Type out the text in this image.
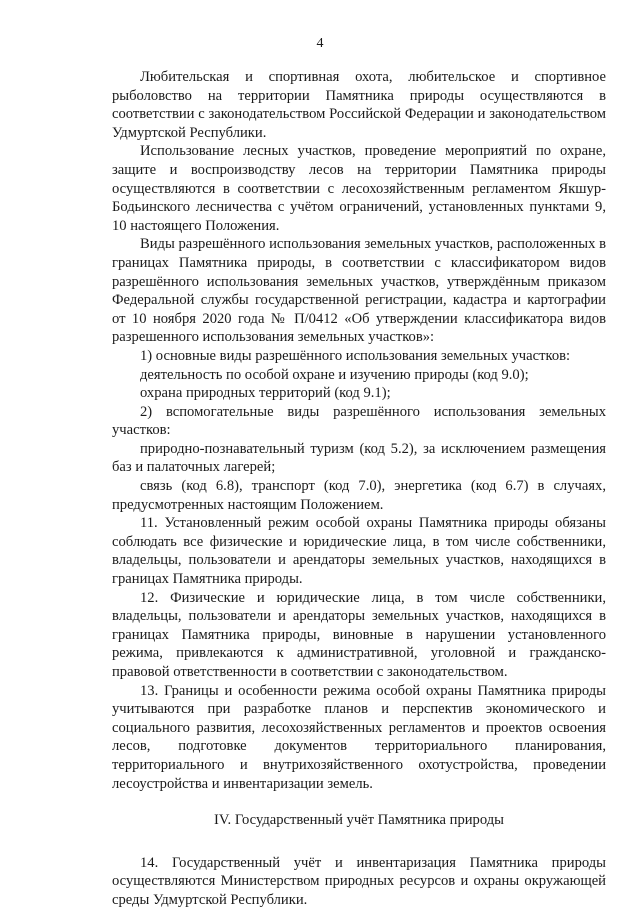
4

Любительская и спортивная охота, любительское и спортивное рыболовство на территории Памятника природы осуществляются в соответствии с законодательством Российской Федерации и законодательством Удмуртской Республики.

Использование лесных участков, проведение мероприятий по охране, защите и воспроизводству лесов на территории Памятника природы осуществляются в соответствии с лесохозяйственным регламентом Якшур-Бодьинского лесничества с учётом ограничений, установленных пунктами 9, 10 настоящего Положения.

Виды разрешённого использования земельных участков, расположенных в границах Памятника природы, в соответствии с классификатором видов разрешённого использования земельных участков, утверждённым приказом Федеральной службы государственной регистрации, кадастра и картографии от 10 ноября 2020 года № П/0412 «Об утверждении классификатора видов разрешенного использования земельных участков»:

1) основные виды разрешённого использования земельных участков:

деятельность по особой охране и изучению природы (код 9.0);

охрана природных территорий (код 9.1);

2) вспомогательные виды разрешённого использования земельных участков:

природно-познавательный туризм (код 5.2), за исключением размещения баз и палаточных лагерей;

связь (код 6.8), транспорт (код 7.0), энергетика (код 6.7) в случаях, предусмотренных настоящим Положением.

11. Установленный режим особой охраны Памятника природы обязаны соблюдать все физические и юридические лица, в том числе собственники, владельцы, пользователи и арендаторы земельных участков, находящихся в границах Памятника природы.

12. Физические и юридические лица, в том числе собственники, владельцы, пользователи и арендаторы земельных участков, находящихся в границах Памятника природы, виновные в нарушении установленного режима, привлекаются к административной, уголовной и гражданско-правовой ответственности в соответствии с законодательством.

13. Границы и особенности режима особой охраны Памятника природы учитываются при разработке планов и перспектив экономического и социального развития, лесохозяйственных регламентов и проектов освоения лесов, подготовке документов территориального планирования, территориального и внутрихозяйственного охотустройства, проведении лесоустройства и инвентаризации земель.

IV. Государственный учёт Памятника природы

14. Государственный учёт и инвентаризация Памятника природы осуществляются Министерством природных ресурсов и охраны окружающей среды Удмуртской Республики.
